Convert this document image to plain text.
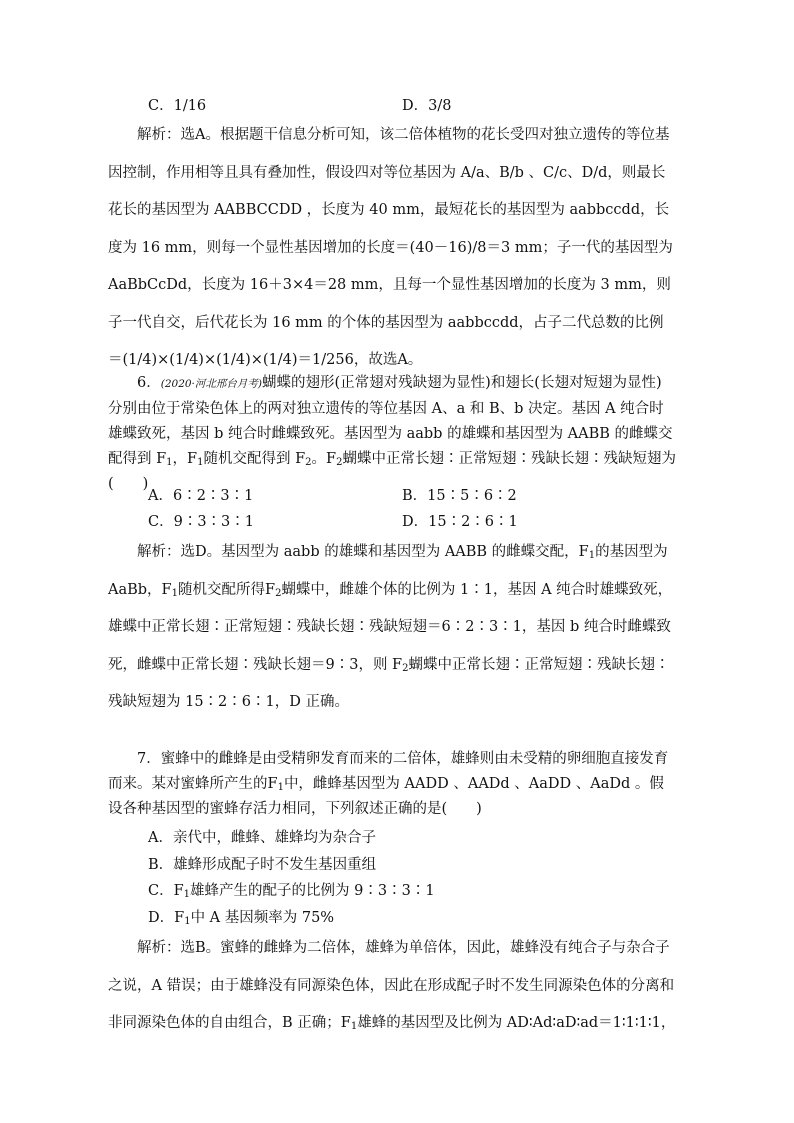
C．1/16	D．3/8

解析：选A。根据题干信息分析可知，该二倍体植物的花长受四对独立遗传的等位基因控制，作用相等且具有叠加性，假设四对等位基因为 A/a、B/b 、C/c、D/d，则最长花长的基因型为 AABBCCDD ，长度为 40 mm，最短花长的基因型为 aabbccdd，长度为 16 mm，则每一个显性基因增加的长度＝(40－16)/8＝3 mm；子一代的基因型为 AaBbCcDd，长度为 16＋3×4＝28 mm，且每一个显性基因增加的长度为 3 mm，则子一代自交，后代花长为 16 mm 的个体的基因型为 aabbccdd，占子二代总数的比例＝(1/4)×(1/4)×(1/4)×(1/4)＝1/256，故选A。

6．(2020·河北邢台月考)蝴蝶的翅形(正常翅对残缺翅为显性)和翅长(长翅对短翅为显性)分别由位于常染色体上的两对独立遗传的等位基因 A、a 和 B、b 决定。基因 A 纯合时雄蝶致死，基因 b 纯合时雌蝶致死。基因型为 aabb 的雄蝶和基因型为 AABB 的雌蝶交配得到 $F_1$，$F_1$随机交配得到 $F_2$。$F_2$蝴蝶中正常长翅∶正常短翅∶残缺长翅∶残缺短翅为(　　)

A．6∶2∶3∶1	B．15∶5∶6∶2
C．9∶3∶3∶1	D．15∶2∶6∶1

解析：选D。基因型为 aabb 的雄蝶和基因型为 AABB 的雌蝶交配，$F_1$的基因型为 AaBb，$F_1$随机交配所得$F_2$蝴蝶中，雌雄个体的比例为 1∶1，基因 A 纯合时雄蝶致死，雄蝶中正常长翅∶正常短翅∶残缺长翅∶残缺短翅＝6∶2∶3∶1，基因 b 纯合时雌蝶致死，雌蝶中正常长翅∶残缺长翅＝9∶3，则 $F_2$蝴蝶中正常长翅∶正常短翅∶残缺长翅∶残缺短翅为 15∶2∶6∶1，D 正确。

7．蜜蜂中的雌蜂是由受精卵发育而来的二倍体，雄蜂则由未受精的卵细胞直接发育而来。某对蜜蜂所产生的$F_1$中，雌蜂基因型为 AADD 、AADd 、AaDD 、AaDd 。假设各种基因型的蜜蜂存活力相同，下列叙述正确的是(　　)

A．亲代中，雌蜂、雄蜂均为杂合子
B．雄蜂形成配子时不发生基因重组
C．$F_1$雄蜂产生的配子的比例为 9∶3∶3∶1
D．$F_1$中 A 基因频率为 75%

解析：选B。蜜蜂的雌蜂为二倍体，雄蜂为单倍体，因此，雄蜂没有纯合子与杂合子之说，A 错误；由于雄蜂没有同源染色体，因此在形成配子时不发生同源染色体的分离和非同源染色体的自由组合，B 正确；$F_1$雄蜂的基因型及比例为 AD∶Ad∶aD∶ad＝1∶1∶1∶1，
